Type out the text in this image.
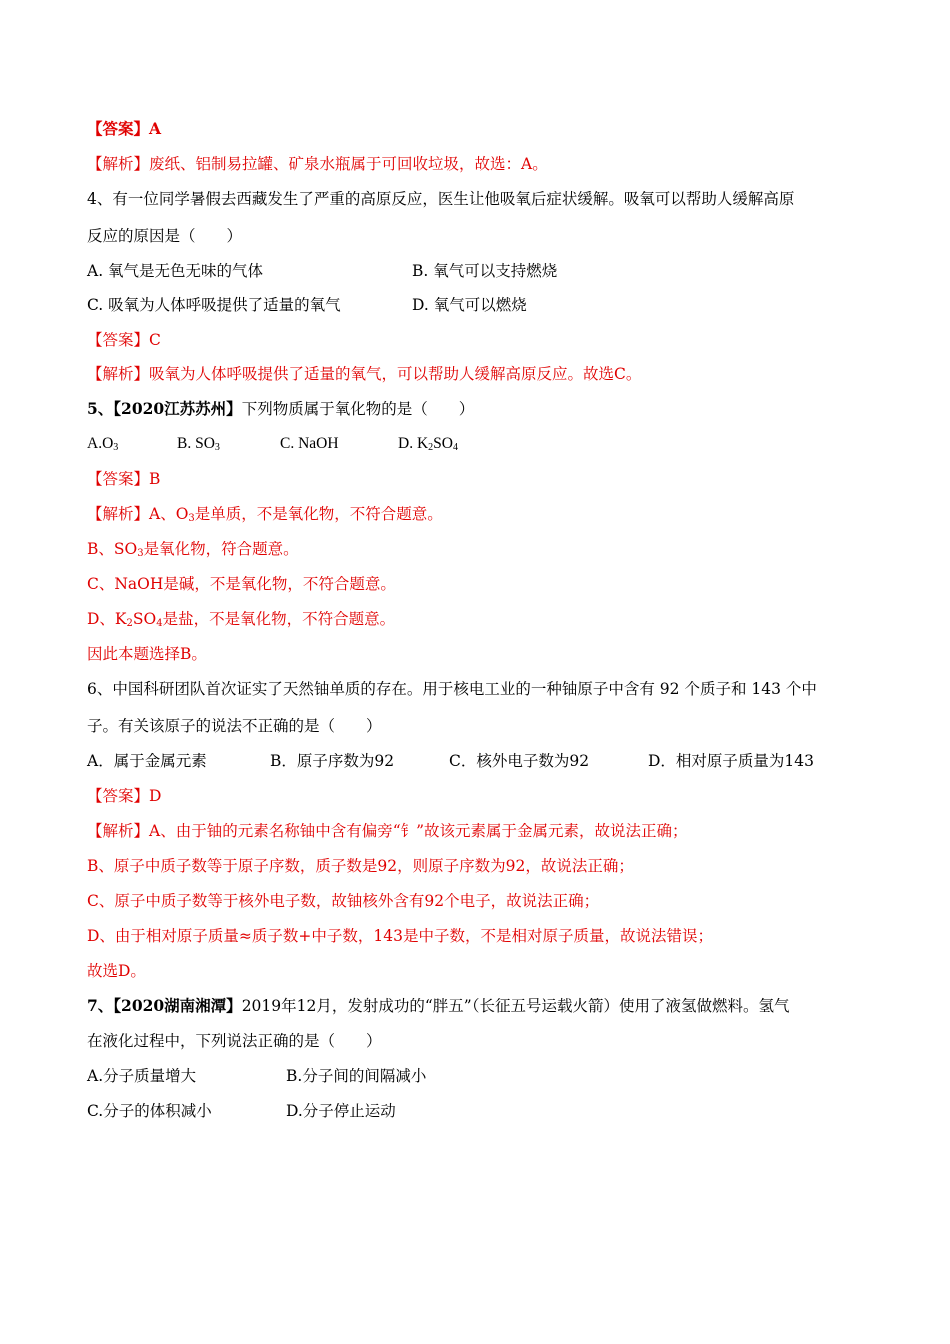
【答案】A
【解析】废纸、铝制易拉罐、矿泉水瓶属于可回收垃圾，故选：A。
4、有一位同学暑假去西藏发生了严重的高原反应，医生让他吸氧后症状缓解。吸氧可以帮助人缓解高原
反应的原因是（　　）
A. 氧气是无色无味的气体	B. 氧气可以支持燃烧
C. 吸氧为人体呼吸提供了适量的氧气	D. 氧气可以燃烧
【答案】C
【解析】吸氧为人体呼吸提供了适量的氧气，可以帮助人缓解高原反应。故选C。
5、【2020江苏苏州】下列物质属于氧化物的是（　　）
$A.O_3$	B. $SO_3$	C. NaOH	D. $K_2SO_4$
【答案】B
【解析】A、$O_3$是单质，不是氧化物，不符合题意。
B、$SO_3$是氧化物，符合题意。
C、NaOH是碱，不是氧化物，不符合题意。
D、$K_2SO_4$是盐，不是氧化物，不符合题意。
因此本题选择B。
6、中国科研团队首次证实了天然铀单质的存在。用于核电工业的一种铀原子中含有 92 个质子和 143 个中
子。有关该原子的说法不正确的是（　　）
A．属于金属元素	B．原子序数为92	C．核外电子数为92	D．相对原子质量为143
【答案】D
【解析】A、由于铀的元素名称铀中含有偏旁“钅”故该元素属于金属元素，故说法正确；
B、原子中质子数等于原子序数，质子数是92，则原子序数为92，故说法正确；
C、原子中质子数等于核外电子数，故铀核外含有92个电子，故说法正确；
D、由于相对原子质量≈质子数+中子数，143是中子数，不是相对原子质量，故说法错误；
故选D。
7、【2020湖南湘潭】2019年12月，发射成功的“胖五”（长征五号运载火箭）使用了液氢做燃料。氢气
在液化过程中，下列说法正确的是（　　）
A.分子质量增大	B.分子间的间隔减小
C.分子的体积减小	D.分子停止运动
